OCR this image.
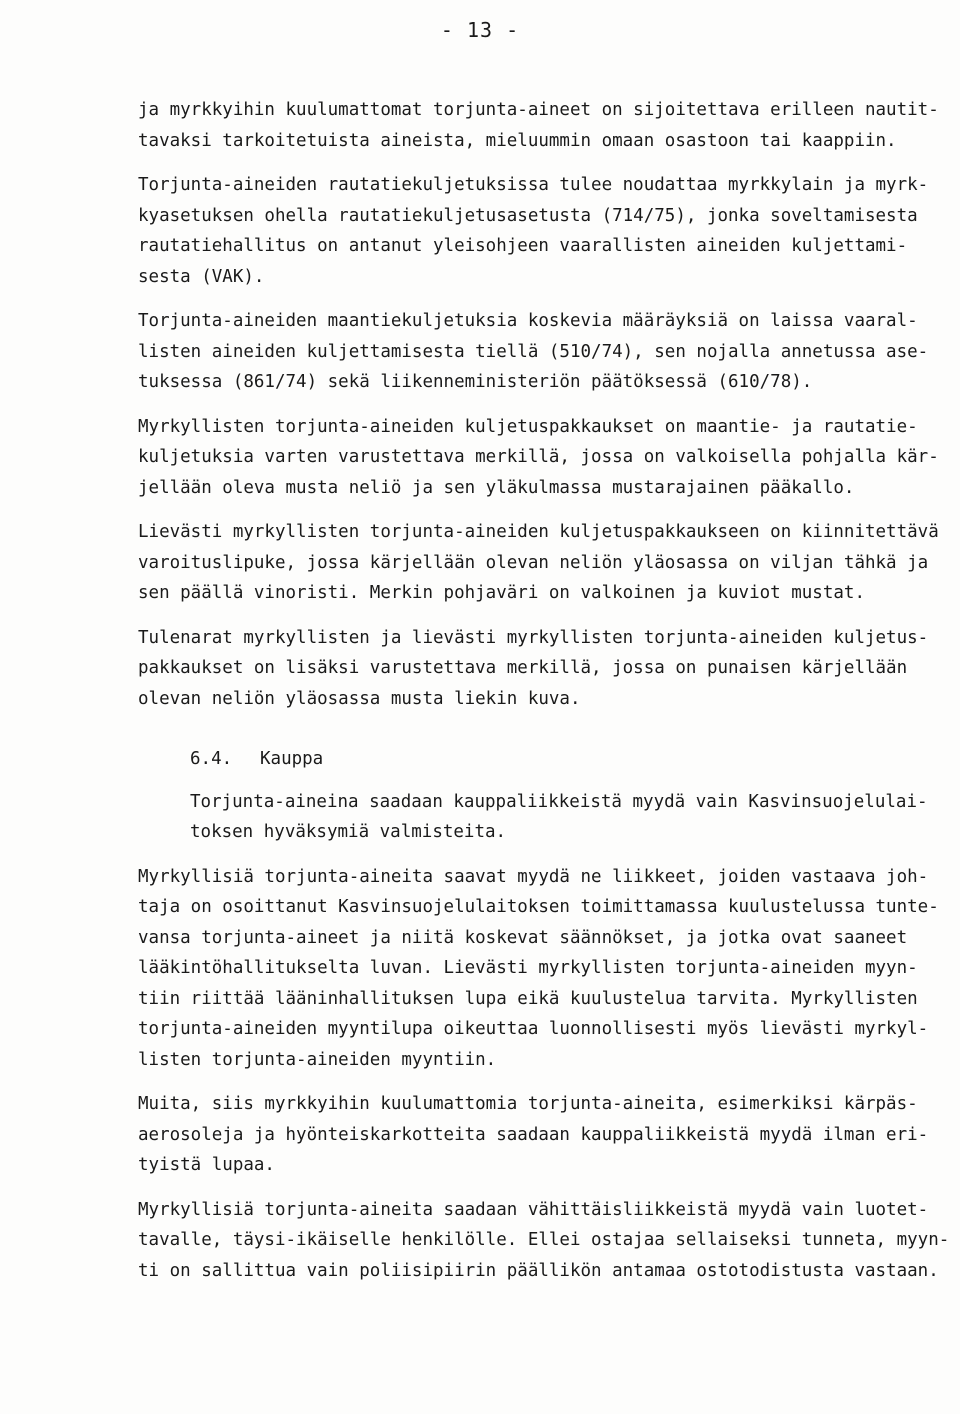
- 13 -
ja myrkkyihin kuulumattomat torjunta-aineet on sijoitettava erilleen nautit-
tavaksi tarkoitetuista aineista, mieluummin omaan osastoon tai kaappiin.
Torjunta-aineiden rautatiekuljetuksissa tulee noudattaa myrkkylain ja myrk-
kyasetuksen ohella rautatiekuljetusasetusta (714/75), jonka soveltamisesta
rautatiehallitus on antanut yleisohjeen vaarallisten aineiden kuljettami-
sesta (VAK).
Torjunta-aineiden maantiekuljetuksia koskevia määräyksiä on laissa vaaral-
listen aineiden kuljettamisesta tiellä (510/74), sen nojalla annetussa ase-
tuksessa (861/74) sekä liikenneministeriön päätöksessä (610/78).
Myrkyllisten torjunta-aineiden kuljetuspakkaukset on maantie- ja rautatie-
kuljetuksia varten varustettava merkillä, jossa on valkoisella pohjalla kär-
jellään oleva musta neliö ja sen yläkulmassa mustarajainen pääkallo.
Lievästi myrkyllisten torjunta-aineiden kuljetuspakkaukseen on kiinnitettävä
varoituslipuke, jossa kärjellään olevan neliön yläosassa on viljan tähkä ja
sen päällä vinoristi. Merkin pohjaväri on valkoinen ja kuviot mustat.
Tulenarat myrkyllisten ja lievästi myrkyllisten torjunta-aineiden kuljetus-
pakkaukset on lisäksi varustettava merkillä, jossa on punaisen kärjellään
olevan neliön yläosassa musta liekin kuva.
6.4. Kauppa
Torjunta-aineina saadaan kauppaliikkeistä myydä vain Kasvinsuojelulai-
toksen hyväksymiä valmisteita.
Myrkyllisiä torjunta-aineita saavat myydä ne liikkeet, joiden vastaava joh-
taja on osoittanut Kasvinsuojelulaitoksen toimittamassa kuulustelussa tunte-
vansa torjunta-aineet ja niitä koskevat säännökset, ja jotka ovat saaneet
lääkintöhallitukselta luvan. Lievästi myrkyllisten torjunta-aineiden myyn-
tiin riittää lääninhallituksen lupa eikä kuulustelua tarvita. Myrkyllisten
torjunta-aineiden myyntilupa oikeuttaa luonnollisesti myös lievästi myrkyl-
listen torjunta-aineiden myyntiin.
Muita, siis myrkkyihin kuulumattomia torjunta-aineita, esimerkiksi kärpäs-
aerosoleja ja hyönteiskarkotteita saadaan kauppaliikkeistä myydä ilman eri-
tyistä lupaa.
Myrkyllisiä torjunta-aineita saadaan vähittäisliikkeistä myydä vain luotet-
tavalle, täysi-ikäiselle henkilölle. Ellei ostajaa sellaiseksi tunneta, myyn-
ti on sallittua vain poliisipiirin päällikön antamaa ostotodistusta vastaan.
